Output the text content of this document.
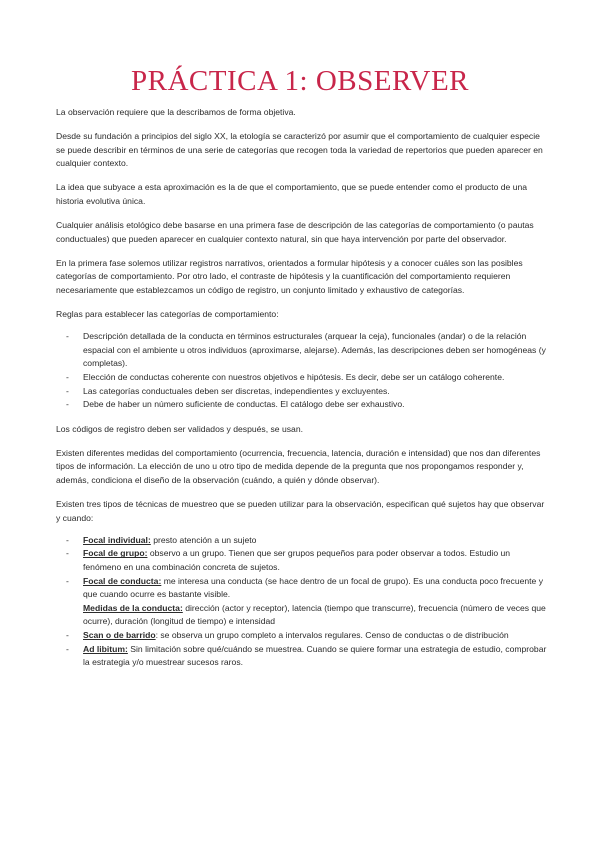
PRÁCTICA 1: OBSERVER

La observación requiere que la describamos de forma objetiva.

Desde su fundación a principios del siglo XX, la etología se caracterizó por asumir que el comportamiento de cualquier especie se puede describir en términos de una serie de categorías que recogen toda la variedad de repertorios que pueden aparecer en cualquier contexto.

La idea que subyace a esta aproximación es la de que el comportamiento, que se puede entender como el producto de una historia evolutiva única.

Cualquier análisis etológico debe basarse en una primera fase de descripción de las categorías de comportamiento (o pautas conductuales) que pueden aparecer en cualquier contexto natural, sin que haya intervención por parte del observador.

En la primera fase solemos utilizar registros narrativos, orientados a formular hipótesis y a conocer cuáles son las posibles categorías de comportamiento. Por otro lado, el contraste de hipótesis y la cuantificación del comportamiento requieren necesariamente que establezcamos un código de registro, un conjunto limitado y exhaustivo de categorías.

Reglas para establecer las categorías de comportamiento:

- Descripción detallada de la conducta en términos estructurales (arquear la ceja), funcionales (andar) o de la relación espacial con el ambiente u otros individuos (aproximarse, alejarse). Además, las descripciones deben ser homogéneas (y completas).
- Elección de conductas coherente con nuestros objetivos e hipótesis. Es decir, debe ser un catálogo coherente.
- Las categorías conductuales deben ser discretas, independientes y excluyentes.
- Debe de haber un número suficiente de conductas. El catálogo debe ser exhaustivo.

Los códigos de registro deben ser validados y después, se usan.

Existen diferentes medidas del comportamiento (ocurrencia, frecuencia, latencia, duración e intensidad) que nos dan diferentes tipos de información. La elección de uno u otro tipo de medida depende de la pregunta que nos propongamos responder y, además, condiciona el diseño de la observación (cuándo, a quién y dónde observar).

Existen tres tipos de técnicas de muestreo que se pueden utilizar para la observación, especifican qué sujetos hay que observar y cuando:

- Focal individual: presto atención a un sujeto
- Focal de grupo: observo a un grupo. Tienen que ser grupos pequeños para poder observar a todos. Estudio un fenómeno en una combinación concreta de sujetos.
- Focal de conducta: me interesa una conducta (se hace dentro de un focal de grupo). Es una conducta poco frecuente y que cuando ocurre es bastante visible.
Medidas de la conducta: dirección (actor y receptor), latencia (tiempo que transcurre), frecuencia (número de veces que ocurre), duración (longitud de tiempo) e intensidad
- Scan o de barrido: se observa un grupo completo a intervalos regulares. Censo de conductas o de distribución
- Ad libitum: Sin limitación sobre qué/cuándo se muestrea. Cuando se quiere formar una estrategia de estudio, comprobar la estrategia y/o muestrear sucesos raros.
